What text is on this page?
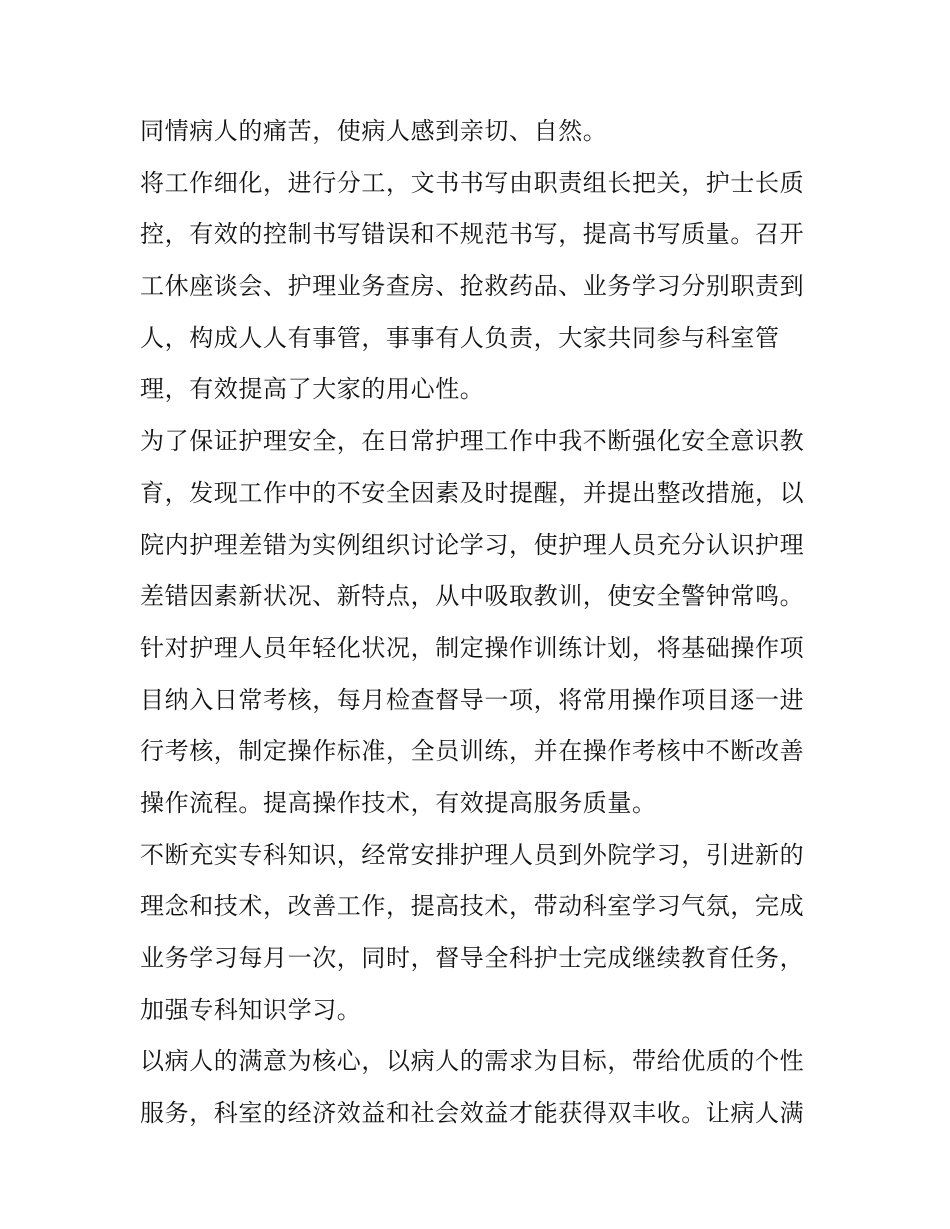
同情病人的痛苦，使病人感到亲切、自然。
将工作细化，进行分工，文书书写由职责组长把关，护士长质
控，有效的控制书写错误和不规范书写，提高书写质量。召开
工休座谈会、护理业务查房、抢救药品、业务学习分别职责到
人，构成人人有事管，事事有人负责，大家共同参与科室管
理，有效提高了大家的用心性。
为了保证护理安全，在日常护理工作中我不断强化安全意识教
育，发现工作中的不安全因素及时提醒，并提出整改措施，以
院内护理差错为实例组织讨论学习，使护理人员充分认识护理
差错因素新状况、新特点，从中吸取教训，使安全警钟常鸣。
针对护理人员年轻化状况，制定操作训练计划，将基础操作项
目纳入日常考核，每月检查督导一项，将常用操作项目逐一进
行考核，制定操作标准，全员训练，并在操作考核中不断改善
操作流程。提高操作技术，有效提高服务质量。
不断充实专科知识，经常安排护理人员到外院学习，引进新的
理念和技术，改善工作，提高技术，带动科室学习气氛，完成
业务学习每月一次，同时，督导全科护士完成继续教育任务，
加强专科知识学习。
以病人的满意为核心，以病人的需求为目标，带给优质的个性
服务，科室的经济效益和社会效益才能获得双丰收。让病人满
